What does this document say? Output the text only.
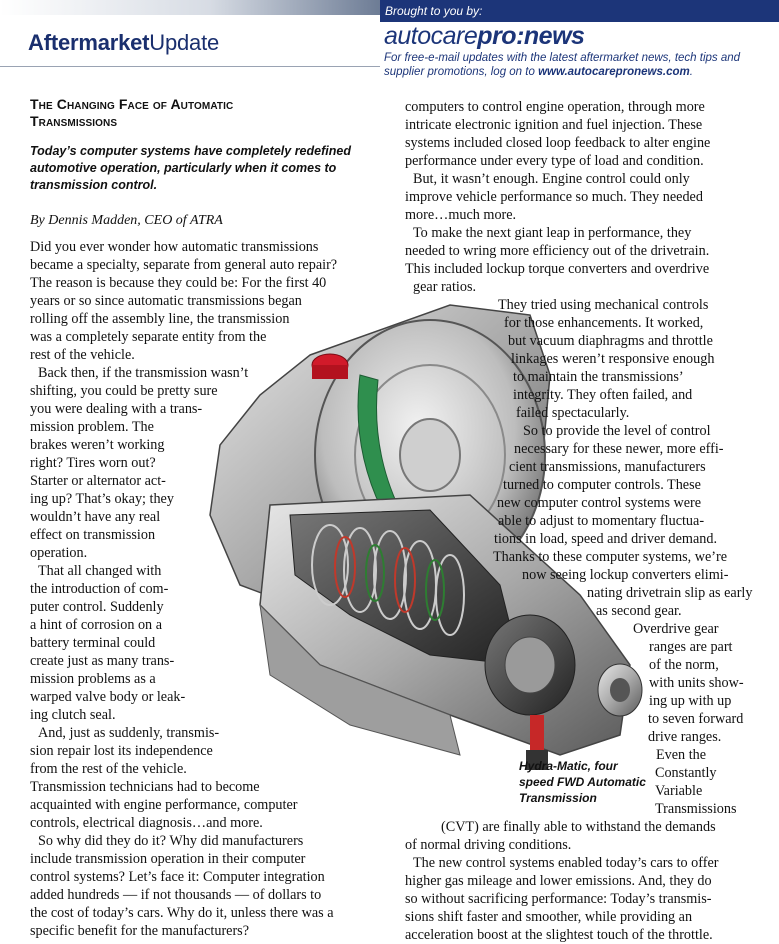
AftermarketUpdate
Brought to you by:
autocarepro:news
For free-e-mail updates with the latest aftermarket news, tech tips and
supplier promotions, log on to www.autocarepronews.com.
The Changing Face of Automatic
Transmissions
Today’s computer systems have completely redefined
automotive operation, particularly when it comes to
transmission control.
By Dennis Madden, CEO of ATRA
Hydra-Matic, four
speed FWD Automatic
Transmission
Did you ever wonder how automatic transmissions
became a specialty, separate from general auto repair?
The reason is because they could be: For the first 40
years or so since automatic transmissions began
rolling off the assembly line, the transmission
was a completely separate entity from the
rest of the vehicle.
Back then, if the transmission wasn’t
shifting, you could be pretty sure
you were dealing with a trans-
mission problem. The
brakes weren’t working
right? Tires worn out?
Starter or alternator act-
ing up? That’s okay; they
wouldn’t have any real
effect on transmission
operation.
That all changed with
the introduction of com-
puter control. Suddenly
a hint of corrosion on a
battery terminal could
create just as many trans-
mission problems as a
warped valve body or leak-
ing clutch seal.
And, just as suddenly, transmis-
sion repair lost its independence
from the rest of the vehicle.
Transmission technicians had to become
acquainted with engine performance, computer
controls, electrical diagnosis…and more.
So why did they do it? Why did manufacturers
include transmission operation in their computer
control systems? Let’s face it: Computer integration
added hundreds — if not thousands — of dollars to
the cost of today’s cars. Why do it, unless there was a
specific benefit for the manufacturers?
computers to control engine operation, through more
intricate electronic ignition and fuel injection. These
systems included closed loop feedback to alter engine
performance under every type of load and condition.
But, it wasn’t enough. Engine control could only
improve vehicle performance so much. They needed
more…much more.
To make the next giant leap in performance, they
needed to wring more efficiency out of the drivetrain.
This included lockup torque converters and overdrive
gear ratios.
They tried using mechanical controls
for those enhancements. It worked,
but vacuum diaphragms and throttle
linkages weren’t responsive enough
to maintain the transmissions’
integrity. They often failed, and
failed spectacularly.
So to provide the level of control
necessary for these newer, more effi-
cient transmissions, manufacturers
turned to computer controls. These
new computer control systems were
able to adjust to momentary fluctua-
tions in load, speed and driver demand.
Thanks to these computer systems, we’re
now seeing lockup converters elimi-
nating drivetrain slip as early
as second gear.
Overdrive gear
ranges are part
of the norm,
with units show-
ing up with up
to seven forward
drive ranges.
Even the
Constantly
Variable
Transmissions
(CVT) are finally able to withstand the demands
of normal driving conditions.
The new control systems enabled today’s cars to offer
higher gas mileage and lower emissions. And, they do
so without sacrificing performance: Today’s transmis-
sions shift faster and smoother, while providing an
acceleration boost at the slightest touch of the throttle.
